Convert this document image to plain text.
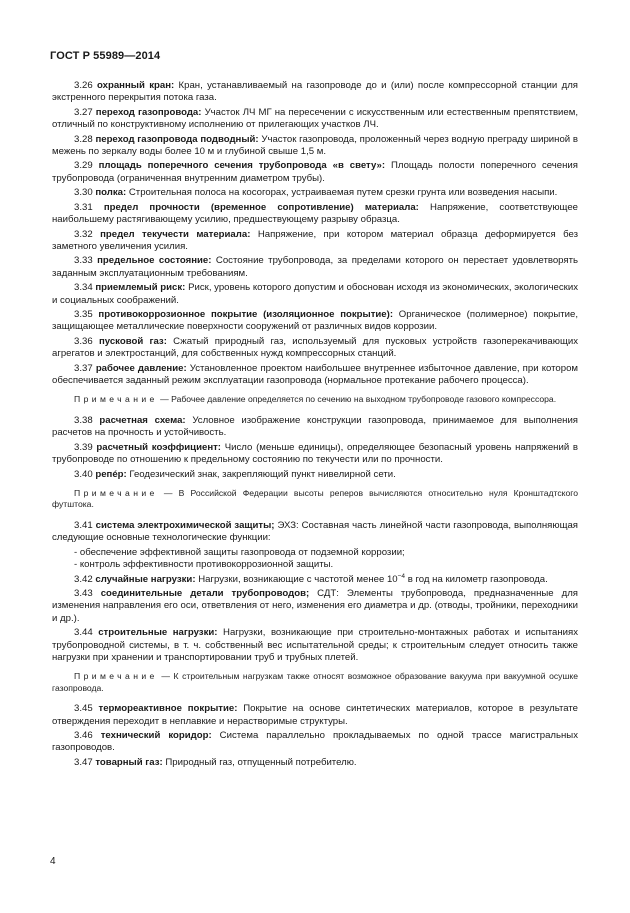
ГОСТ Р 55989—2014

3.26 охранный кран: Кран, устанавливаемый на газопроводе до и (или) после компрессорной станции для экстренного перекрытия потока газа.

3.27 переход газопровода: Участок ЛЧ МГ на пересечении с искусственным или естественным препятствием, отличный по конструктивному исполнению от прилегающих участков ЛЧ.

3.28 переход газопровода подводный: Участок газопровода, проложенный через водную преграду шириной в межень по зеркалу воды более 10 м и глубиной свыше 1,5 м.

3.29 площадь поперечного сечения трубопровода «в свету»: Площадь полости поперечного сечения трубопровода (ограниченная внутренним диаметром трубы).

3.30 полка: Строительная полоса на косогорах, устраиваемая путем срезки грунта или возведения насыпи.

3.31 предел прочности (временное сопротивление) материала: Напряжение, соответствующее наибольшему растягивающему усилию, предшествующему разрыву образца.

3.32 предел текучести материала: Напряжение, при котором материал образца деформируется без заметного увеличения усилия.

3.33 предельное состояние: Состояние трубопровода, за пределами которого он перестает удовлетворять заданным эксплуатационным требованиям.

3.34 приемлемый риск: Риск, уровень которого допустим и обоснован исходя из экономических, экологических и социальных соображений.

3.35 противокоррозионное покрытие (изоляционное покрытие): Органическое (полимерное) покрытие, защищающее металлические поверхности сооружений от различных видов коррозии.

3.36 пусковой газ: Сжатый природный газ, используемый для пусковых устройств газоперекачивающих агрегатов и электростанций, для собственных нужд компрессорных станций.

3.37 рабочее давление: Установленное проектом наибольшее внутреннее избыточное давление, при котором обеспечивается заданный режим эксплуатации газопровода (нормальное протекание рабочего процесса).

Примечание — Рабочее давление определяется по сечению на выходном трубопроводе газового компрессора.

3.38 расчетная схема: Условное изображение конструкции газопровода, принимаемое для выполнения расчетов на прочность и устойчивость.

3.39 расчетный коэффициент: Число (меньше единицы), определяющее безопасный уровень напряжений в трубопроводе по отношению к предельному состоянию по текучести или по прочности.

3.40 репéр: Геодезический знак, закрепляющий пункт нивелирной сети.

Примечание — В Российской Федерации высоты реперов вычисляются относительно нуля Кронштадтского футштока.

3.41 система электрохимической защиты; ЭХЗ: Составная часть линейной части газопровода, выполняющая следующие основные технологические функции:

- обеспечение эффективной защиты газопровода от подземной коррозии;

- контроль эффективности противокоррозионной защиты.

3.42 случайные нагрузки: Нагрузки, возникающие с частотой менее $10^{-4}$ в год на километр газопровода.

3.43 соединительные детали трубопроводов; СДТ: Элементы трубопровода, предназначенные для изменения направления его оси, ответвления от него, изменения его диаметра и др. (отводы, тройники, переходники и др.).

3.44 строительные нагрузки: Нагрузки, возникающие при строительно-монтажных работах и испытаниях трубопроводной системы, в т. ч. собственный вес испытательной среды; к строительным следует относить также нагрузки при хранении и транспортировании труб и трубных плетей.

Примечание — К строительным нагрузкам также относят возможное образование вакуума при вакуумной осушке газопровода.

3.45 термореактивное покрытие: Покрытие на основе синтетических материалов, которое в результате отверждения переходит в неплавкие и нерастворимые структуры.

3.46 технический коридор: Система параллельно прокладываемых по одной трассе магистральных газопроводов.

3.47 товарный газ: Природный газ, отпущенный потребителю.

4
